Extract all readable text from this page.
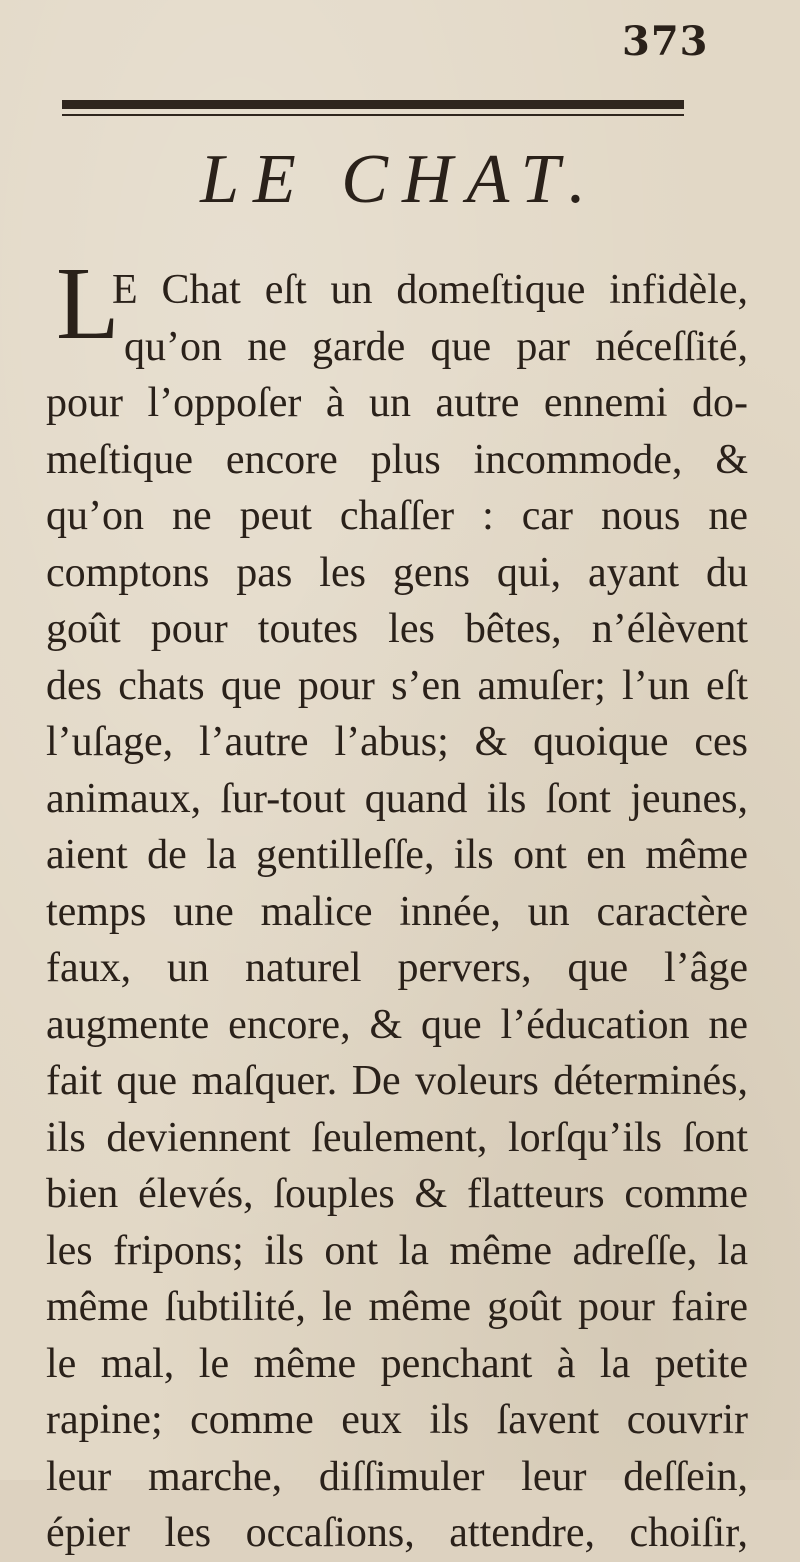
373
LE CHAT.
L
E Chat eſt un domeſtique infidèle,
qu’on ne garde que par néceſſité,
pour l’oppoſer à un autre ennemi do-
meſtique encore plus incommode, &
qu’on ne peut chaſſer : car nous ne
comptons pas les gens qui, ayant du
goût pour toutes les bêtes, n’élèvent
des chats que pour s’en amuſer; l’un eſt
l’uſage, l’autre l’abus; & quoique ces
animaux, ſur-tout quand ils ſont jeunes,
aient de la gentilleſſe, ils ont en même
temps une malice innée, un caractère
faux, un naturel pervers, que l’âge
augmente encore, & que l’éducation ne
fait que maſquer. De voleurs déterminés,
ils deviennent ſeulement, lorſqu’ils ſont
bien élevés, ſouples & flatteurs comme
les fripons; ils ont la même adreſſe, la
même ſubtilité, le même goût pour faire
le mal, le même penchant à la petite
rapine; comme eux ils ſavent couvrir
leur marche, diſſimuler leur deſſein,
épier les occaſions, attendre, choiſir,
